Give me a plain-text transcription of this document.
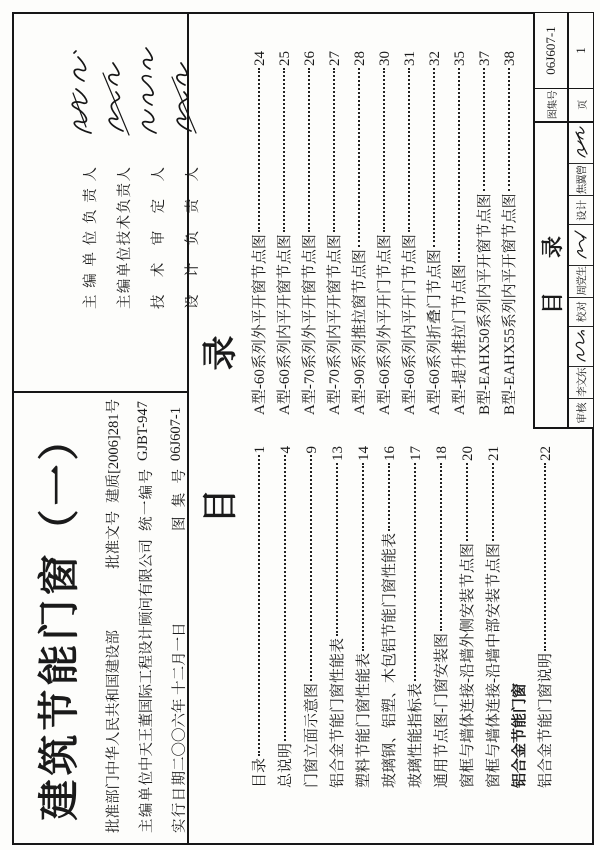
建筑节能门窗（一） 批准部门
中华人民共和国建设部
批准文号
建质[2006]281号
主编单位
中天王董国际工程设计顾问有限公司
统一编号
GJBT-947
实行日期
二〇〇六年 十二月一日
图集号
06J607-1
主编单位负责人 主编单位技术负责人 技术审定人 设计负责人
目录
目录
1
总说明
4
门窗立面示意图
9
铝合金节能门窗性能表
13
塑料节能门窗性能表
14
玻璃钢、铝塑、木包铝节能门窗性能表
16
玻璃性能指标表
17
通用节点图-门窗安装图
18
窗框与墙体连接-沿墙外侧安装节点图
20
窗框与墙体连接-沿墙中部安装节点图
21
铝合金节能门窗 铝合金节能门窗说明
22
A型-60系列外平开窗节点图
24
A型-60系列内平开窗节点图
25
A型-70系列外平开窗节点图
26
A型-70系列内平开窗节点图
27
A型-90系列推拉窗节点图
28
A型-60系列外平开门节点图
30
A型-60系列内平开门节点图
31
A型-60系列折叠门节点图
32
A型-提升推拉门节点图
35
B型-EAHX50系列内平开窗节点图
37
B型-EAHX55系列内平开窗节点图
38
目
录
审核
李文东
校对
周党生
设计
焦翼曾
图集号
06J607-1
页
1
